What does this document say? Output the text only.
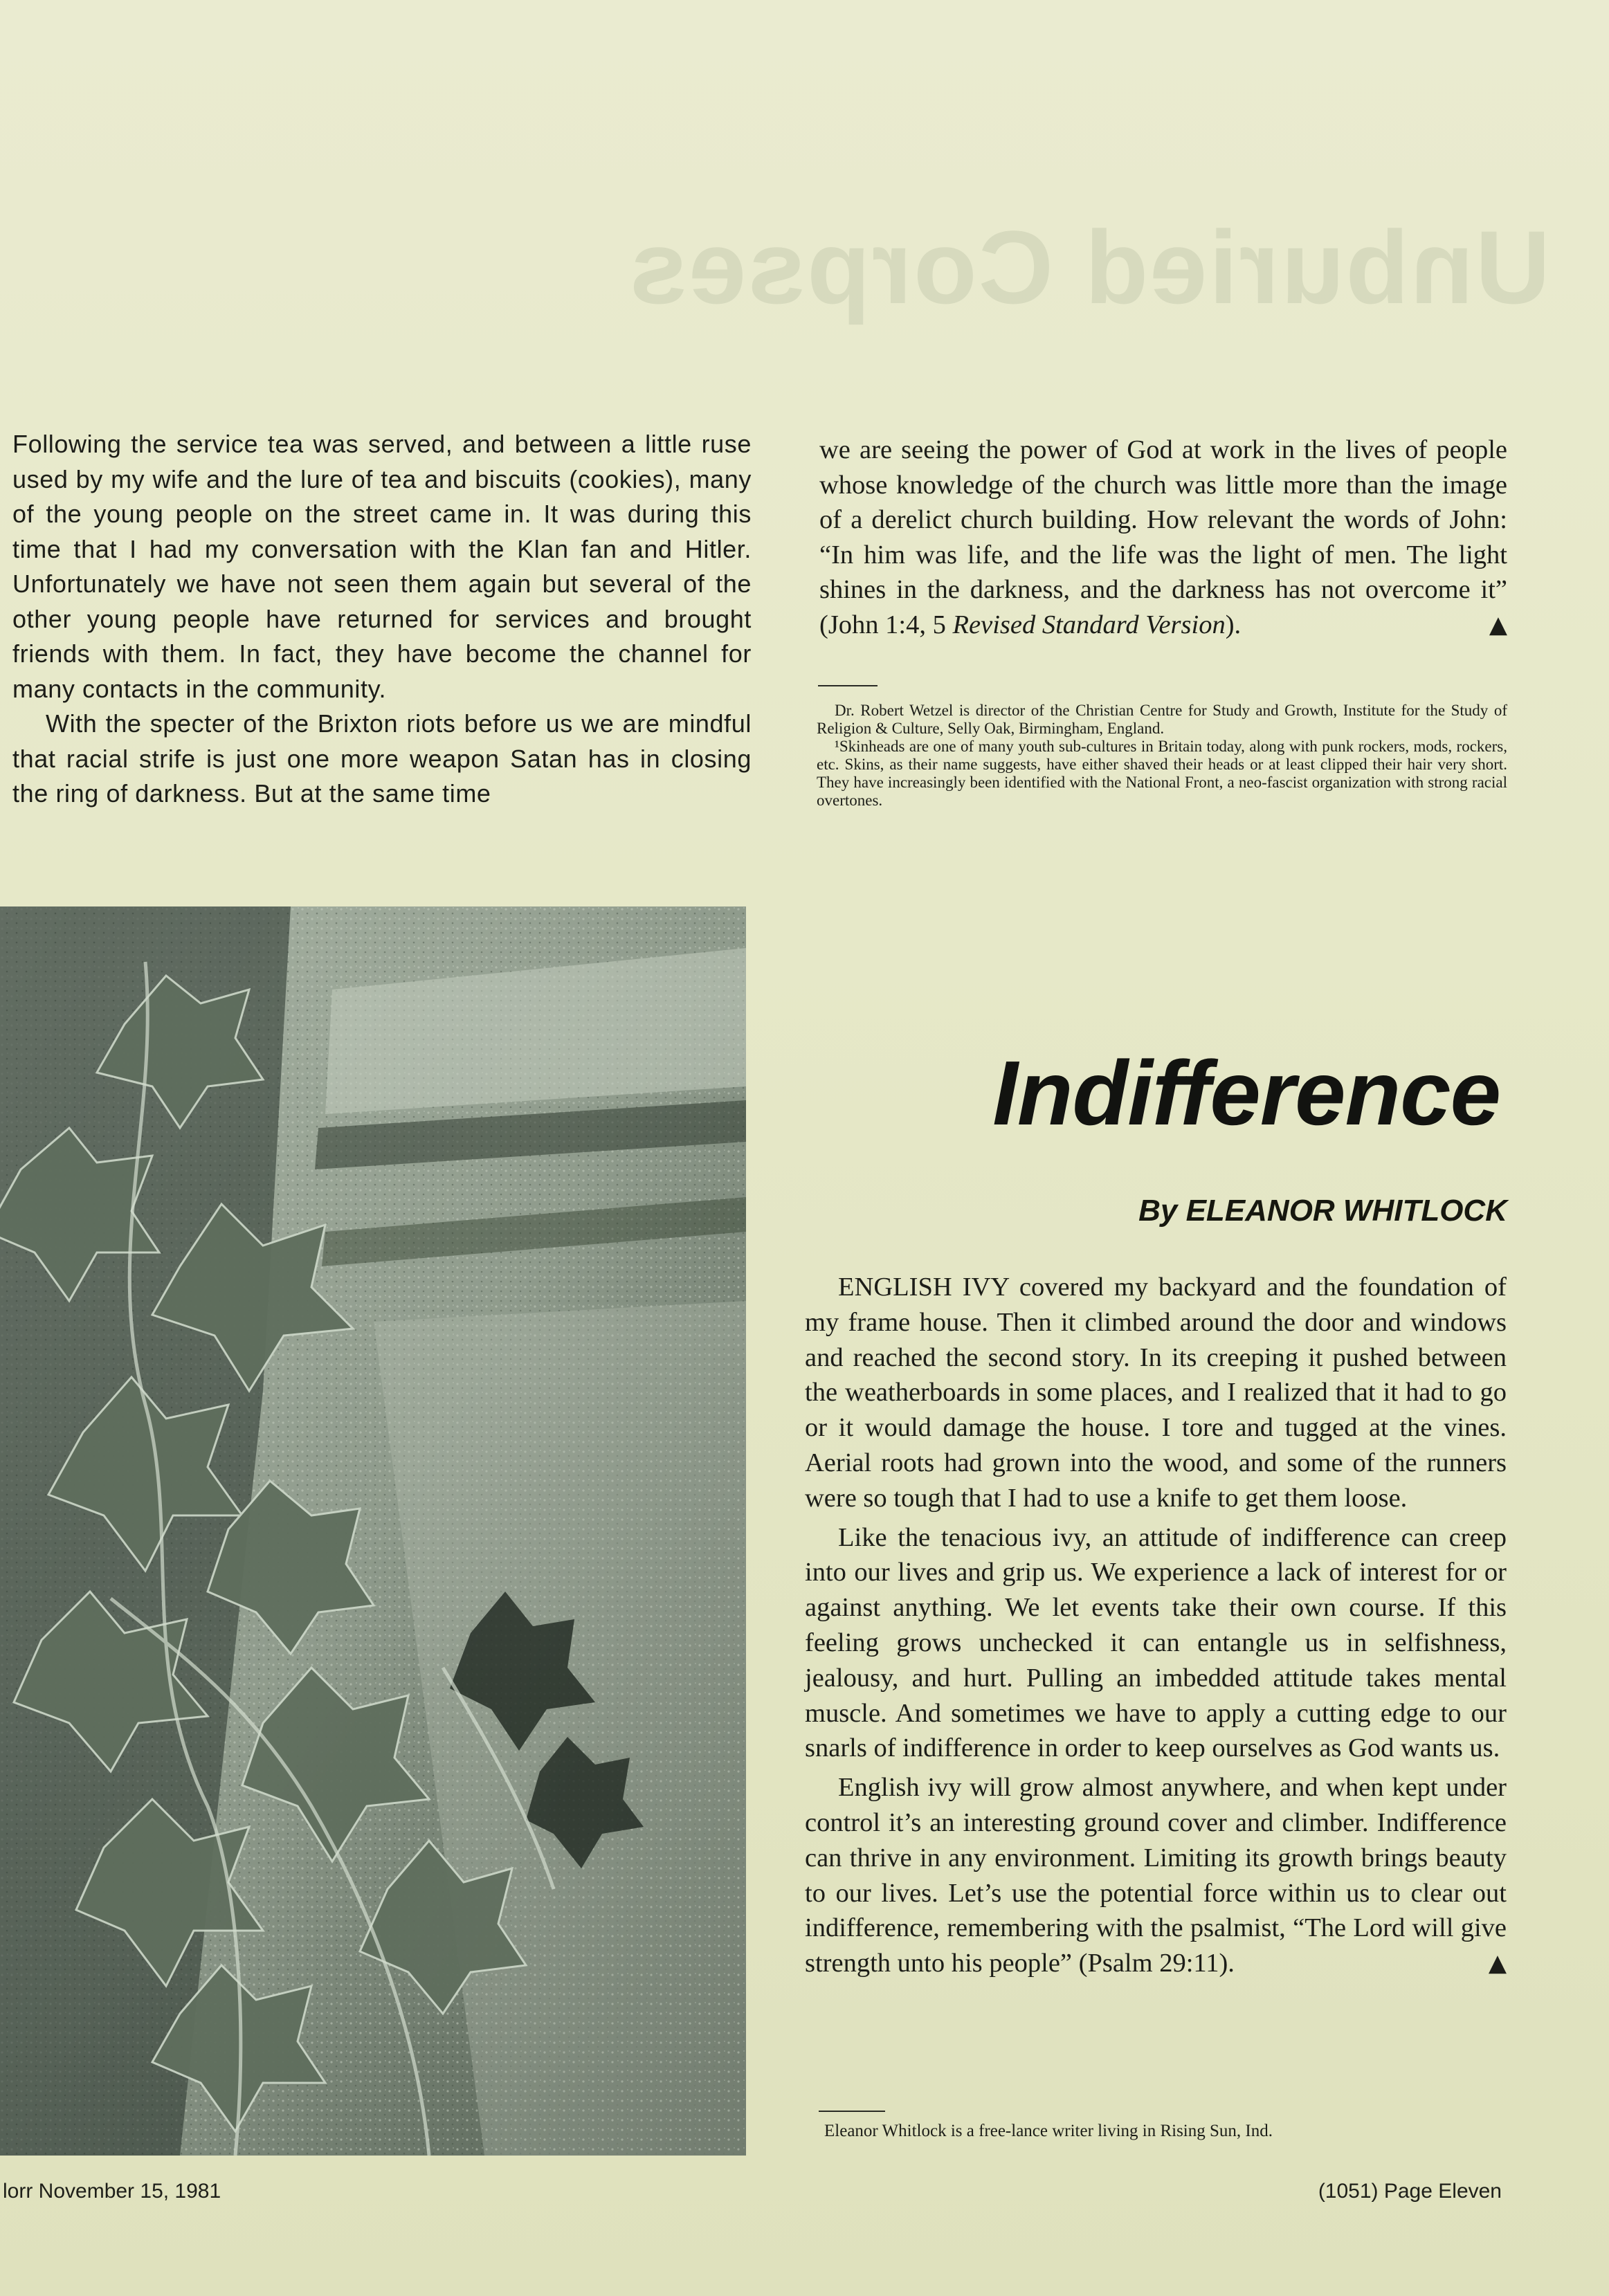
Unburied Corpses

Following the service tea was served, and between a little ruse used by my wife and the lure of tea and biscuits (cookies), many of the young people on the street came in. It was during this time that I had my conversation with the Klan fan and Hitler. Unfortunately we have not seen them again but several of the other young people have returned for services and brought friends with them. In fact, they have become the channel for many contacts in the community.

With the specter of the Brixton riots before us we are mindful that racial strife is just one more weapon Satan has in closing the ring of darkness. But at the same time

we are seeing the power of God at work in the lives of people whose knowledge of the church was little more than the image of a derelict church building. How relevant the words of John: “In him was life, and the life was the light of men. The light shines in the darkness, and the darkness has not overcome it” (John 1:4, 5 Revised Standard Version).	▲

Dr. Robert Wetzel is director of the Christian Centre for Study and Growth, Institute for the Study of Religion & Culture, Selly Oak, Birmingham, England.

¹Skinheads are one of many youth sub-cultures in Britain today, along with punk rockers, mods, rockers, etc. Skins, as their name suggests, have either shaved their heads or at least clipped their hair very short. They have increasingly been identified with the National Front, a neo-fascist organization with strong racial overtones.

Indifference
By ELEANOR WHITLOCK

ENGLISH IVY covered my backyard and the foundation of my frame house. Then it climbed around the door and windows and reached the second story. In its creeping it pushed between the weatherboards in some places, and I realized that it had to go or it would damage the house. I tore and tugged at the vines. Aerial roots had grown into the wood, and some of the runners were so tough that I had to use a knife to get them loose.

Like the tenacious ivy, an attitude of indifference can creep into our lives and grip us. We experience a lack of interest for or against anything. We let events take their own course. If this feeling grows unchecked it can entangle us in selfishness, jealousy, and hurt. Pulling an imbedded attitude takes mental muscle. And sometimes we have to apply a cutting edge to our snarls of indifference in order to keep ourselves as God wants us.

English ivy will grow almost anywhere, and when kept under control it’s an interesting ground cover and climber. Indifference can thrive in any environment. Limiting its growth brings beauty to our lives. Let’s use the potential force within us to clear out indifference, remembering with the psalmist, “The Lord will give strength unto his people” (Psalm 29:11).	▲

Eleanor Whitlock is a free-lance writer living in Rising Sun, Ind.

lorr November 15, 1981	(1051) Page Eleven
